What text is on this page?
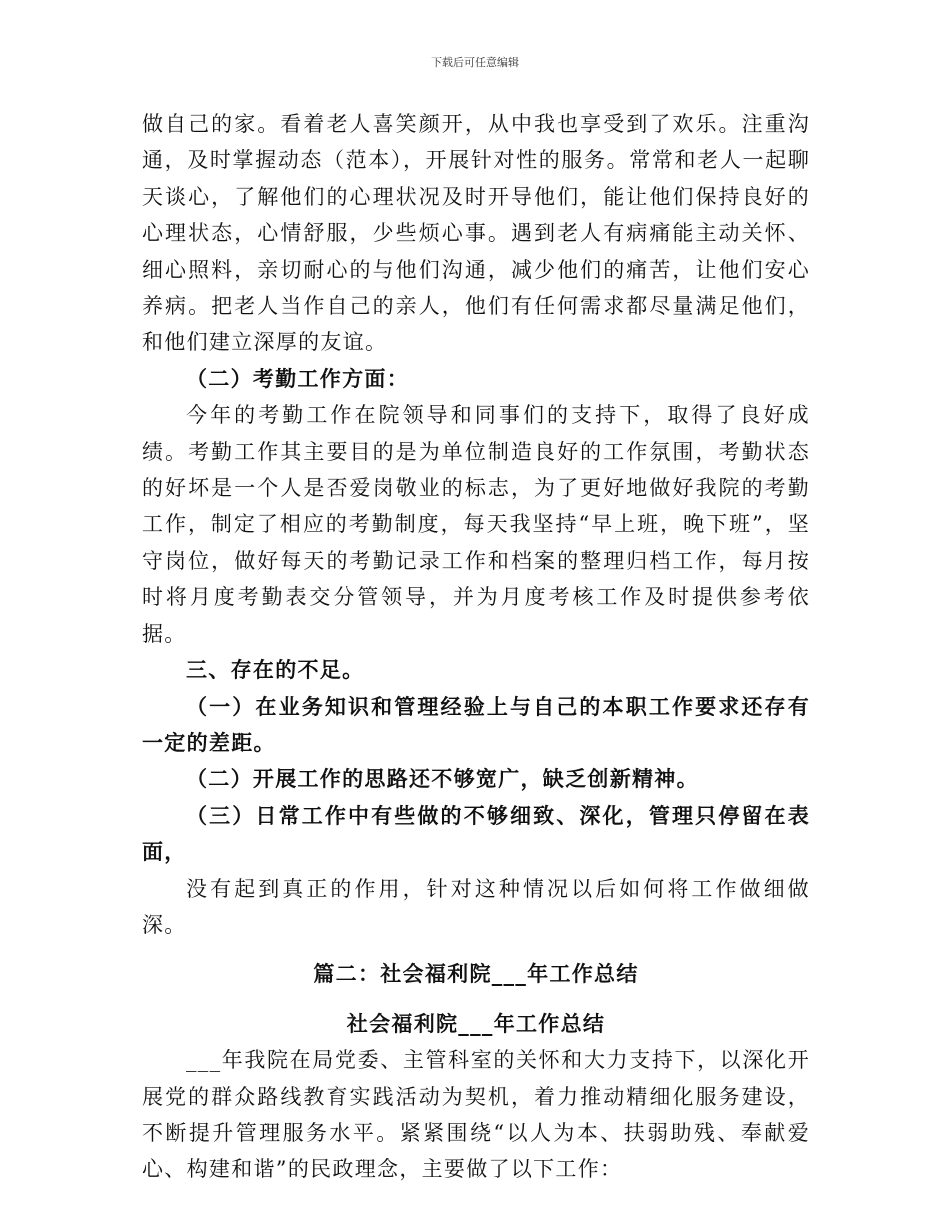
下载后可任意编辑

做自己的家。看着老人喜笑颜开，从中我也享受到了欢乐。注重沟通，及时掌握动态（范本），开展针对性的服务。常常和老人一起聊天谈心，了解他们的心理状况及时开导他们，能让他们保持良好的心理状态，心情舒服，少些烦心事。遇到老人有病痛能主动关怀、细心照料，亲切耐心的与他们沟通，减少他们的痛苦，让他们安心养病。把老人当作自己的亲人，他们有任何需求都尽量满足他们，和他们建立深厚的友谊。

（二）考勤工作方面：

今年的考勤工作在院领导和同事们的支持下，取得了良好成绩。考勤工作其主要目的是为单位制造良好的工作氛围，考勤状态的好坏是一个人是否爱岗敬业的标志，为了更好地做好我院的考勤工作，制定了相应的考勤制度，每天我坚持“早上班，晚下班”，坚守岗位，做好每天的考勤记录工作和档案的整理归档工作，每月按时将月度考勤表交分管领导，并为月度考核工作及时提供参考依据。

三、存在的不足。

（一）在业务知识和管理经验上与自己的本职工作要求还存有一定的差距。

（二）开展工作的思路还不够宽广，缺乏创新精神。

（三）日常工作中有些做的不够细致、深化，管理只停留在表面，

没有起到真正的作用，针对这种情况以后如何将工作做细做深。

篇二：社会福利院___年工作总结

社会福利院___年工作总结

___年我院在局党委、主管科室的关怀和大力支持下，以深化开展党的群众路线教育实践活动为契机，着力推动精细化服务建设，不断提升管理服务水平。紧紧围绕“以人为本、扶弱助残、奉献爱心、构建和谐”的民政理念，主要做了以下工作：
